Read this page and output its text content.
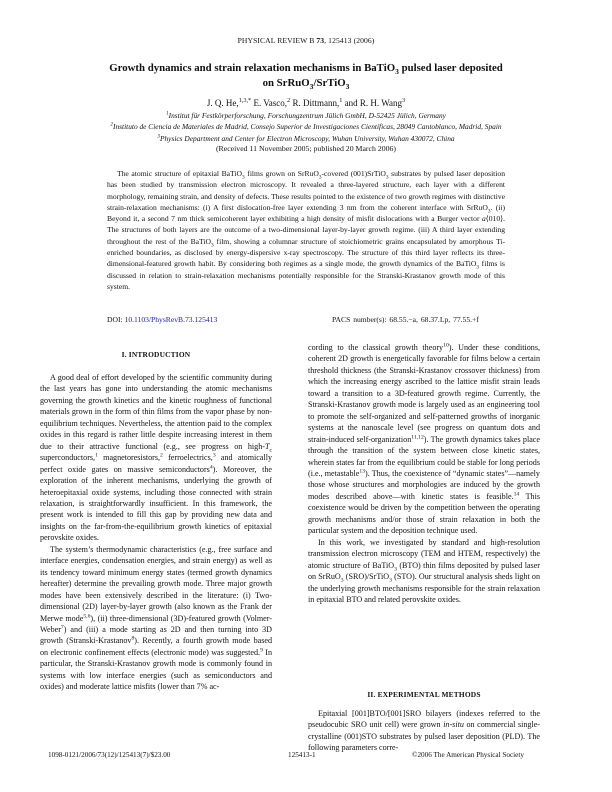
PHYSICAL REVIEW B 73, 125413 (2006)
Growth dynamics and strain relaxation mechanisms in BaTiO$_3$ pulsed laser deposited
on SrRuO$_3$/SrTiO$_3$
J. Q. He,$^{1,3,*}$ E. Vasco,$^2$ R. Dittmann,$^1$ and R. H. Wang$^3$
$^1$Institut für Festkörperforschung, Forschungzentrum Jülich GmbH, D-52425 Jülich, Germany
$^2$Instituto de Ciencia de Materiales de Madrid, Consejo Superior de Investigaciones Científicas, 28049 Cantoblanco, Madrid, Spain
$^3$Physics Department and Center for Electron Microscopy, Wuhan University, Wuhan 430072, China
(Received 11 November 2005; published 20 March 2006)
The atomic structure of epitaxial BaTiO$_3$ films grown on SrRuO$_3$-covered (001)SrTiO$_3$ substrates by pulsed laser deposition has been studied by transmission electron microscopy. It revealed a three-layered structure, each layer with a different morphology, remaining strain, and density of defects. These results pointed to the existence of two growth regimes with distinctive strain-relaxation mechanisms: (i) A first dislocation-free layer extending 3 nm from the coherent interface with SrRuO$_3$. (ii) Beyond it, a second 7 nm thick semicoherent layer exhibiting a high density of misfit dislocations with a Burger vector a⟨010⟩. The structures of both layers are the outcome of a two-dimensional layer-by-layer growth regime. (iii) A third layer extending throughout the rest of the BaTiO$_3$ film, showing a columnar structure of stoichiometric grains encapsulated by amorphous Ti-enriched boundaries, as disclosed by energy-dispersive x-ray spectroscopy. The structure of this third layer reflects its three-dimensional-featured growth habit. By considering both regimes as a single mode, the growth dynamics of the BaTiO$_3$ films is discussed in relation to strain-relaxation mechanisms potentially responsible for the Stranski-Krastanov growth mode of this system.
DOI: 10.1103/PhysRevB.73.125413	PACS number(s): 68.55.−a, 68.37.Lp, 77.55.+f
I. INTRODUCTION

A good deal of effort developed by the scientific community during the last years has gone into understanding the atomic mechanisms governing the growth kinetics and the kinetic roughness of functional materials grown in the form of thin films from the vapor phase by non-equilibrium techniques. Nevertheless, the attention paid to the complex oxides in this regard is rather little despite increasing interest in them due to their attractive functional (e.g., see progress on high-$T_c$ superconductors,$^1$ magnetoresistors,$^2$ ferroelectrics,$^3$ and atomically perfect oxide gates on massive semiconductors$^4$). Moreover, the exploration of the inherent mechanisms, underlying the growth of heteroepitaxial oxide systems, including those connected with strain relaxation, is straightforwardly insufficient. In this framework, the present work is intended to fill this gap by providing new data and insights on the far-from-the-equilibrium growth kinetics of epitaxial perovskite oxides.

The system’s thermodynamic characteristics (e.g., free surface and interface energies, condensation energies, and strain energy) as well as its tendency toward minimum energy states (termed growth dynamics hereafter) determine the prevailing growth mode. Three major growth modes have been extensively described in the literature: (i) Two-dimensional (2D) layer-by-layer growth (also known as the Frank der Merwe mode$^{5,6}$), (ii) three-dimensional (3D)-featured growth (Volmer-Weber$^7$) and (iii) a mode starting as 2D and then turning into 3D growth (Stranski-Krastanov$^8$). Recently, a fourth growth mode based on electronic confinement effects (electronic mode) was suggested.$^9$ In particular, the Stranski-Krastanov growth mode is commonly found in systems with low interface energies (such as semiconductors and oxides) and moderate lattice misfits (lower than 7% ac-

cording to the classical growth theory$^{10}$). Under these conditions, coherent 2D growth is energetically favorable for films below a certain threshold thickness (the Stranski-Krastanov crossover thickness) from which the increasing energy ascribed to the lattice misfit strain leads toward a transition to a 3D-featured growth regime. Currently, the Stranski-Krastanov growth mode is largely used as an engineering tool to promote the self-organized and self-patterned growths of inorganic systems at the nanoscale level (see progress on quantum dots and strain-induced self-organization$^{11,12}$). The growth dynamics takes place through the transition of the system between close kinetic states, wherein states far from the equilibrium could be stable for long periods (i.e., metastable$^{13}$). Thus, the coexistence of “dynamic states”—namely those whose structures and morphologies are induced by the growth modes described above—with kinetic states is feasible.$^{14}$ This coexistence would be driven by the competition between the operating growth mechanisms and/or those of strain relaxation in both the particular system and the deposition technique used.

In this work, we investigated by standard and high-resolution transmission electron microscopy (TEM and HTEM, respectively) the atomic structure of BaTiO$_3$ (BTO) thin films deposited by pulsed laser on SrRuO$_3$ (SRO)/SrTiO$_3$ (STO). Our structural analysis sheds light on the underlying growth mechanisms responsible for the strain relaxation in epitaxial BTO and related perovskite oxides.

II. EXPERIMENTAL METHODS

Epitaxial [001]BTO/[001]SRO bilayers (indexes referred to the pseudocubic SRO unit cell) were grown in-situ on commercial single-crystalline (001)STO substrates by pulsed laser deposition (PLD). The following parameters corre-

1098-0121/2006/73(12)/125413(7)/$23.00	125413-1	©2006 The American Physical Society
